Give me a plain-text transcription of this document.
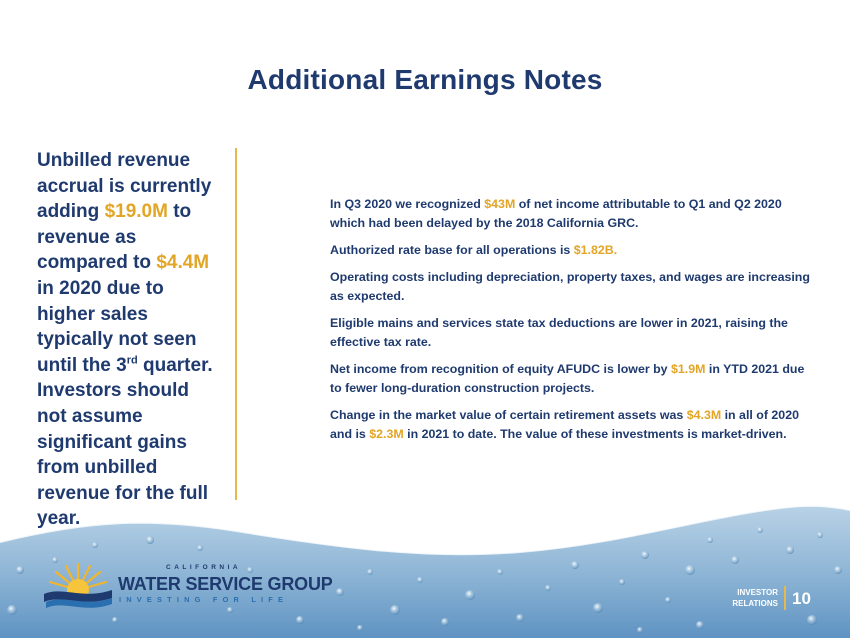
Additional Earnings Notes
Unbilled revenue accrual is currently adding $19.0M to revenue as compared to $4.4M in 2020 due to higher sales typically not seen until the 3rd quarter. Investors should not assume significant gains from unbilled revenue for the full year.

In Q3 2020 we recognized $43M of net income attributable to Q1 and Q2 2020 which had been delayed by the 2018 California GRC.

Authorized rate base for all operations is $1.82B.

Operating costs including depreciation, property taxes, and wages are increasing as expected.

Eligible mains and services state tax deductions are lower in 2021, raising the effective tax rate.

Net income from recognition of equity AFUDC is lower by $1.9M in YTD 2021 due to fewer long-duration construction projects.

Change in the market value of certain retirement assets was $4.3M in all of 2020 and is $2.3M in 2021 to date. The value of these investments is market-driven.

CALIFORNIA
WATER SERVICE GROUP
INVESTING FOR LIFE
INVESTOR
RELATIONS 10
